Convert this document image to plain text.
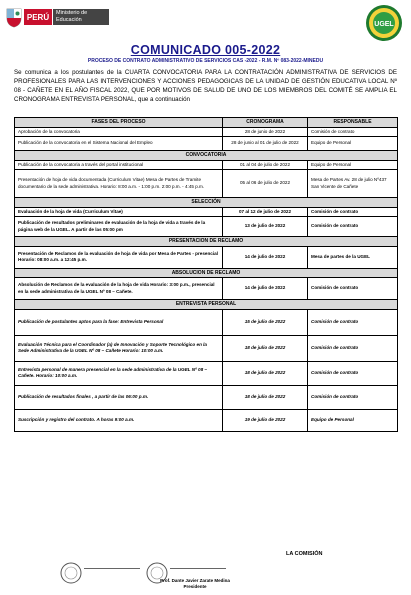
PERÚ	Ministerio de Educación
UGEL
COMUNICADO 005-2022
PROCESO DE CONTRATO ADMINISTRATIVO DE SERVICIOS CAS -2022 - R.M. Nº 083-2022-MINEDU
Se comunica a los postulantes de la CUARTA CONVOCATORIA PARA LA CONTRATACIÓN ADMINISTRATIVA DE SERVICIOS DE PROFESIONALES PARA LAS INTERVENCIONES Y ACCIONES PEDAGOGICAS DE LA UNIDAD DE GESTIÓN EDUCATIVA LOCAL Nº 08 - CAÑETE EN EL AÑO FISCAL 2022, QUE POR MOTIVOS DE SALUD DE UNO DE LOS MIEMBROS DEL COMITÉ SE AMPLIA EL CRONOGRAMA ENTREVISTA PERSONAL, que a continuación
FASES DEL PROCESO	CRONOGRAMA	RESPONSABLE
Aprobación de la convocatoria	28 de junio de 2022	Comisión de contrato
Publicación de la convocatoria en el Sistema Nacional del Empleo	28 de junio al 01 de julio de 2022	Equipo de Personal
CONVOCATORIA		
Publicación de la convocatoria a través del portal institucional	01 al 04 de julio de 2022	Equipo de Personal
Presentación de hoja de vida documentada (Curriculum Vitae) Mesa de Partes de Tramite documentario de la sede administrativa. Horario: 8:00 a.m. - 1:00 p.m. 2:00 p.m. - 4:45 p.m.	05 al 06 de julio de 2022	Mesa de Partes Av. 28 de julio Nº437 San Vicente de Cañete
SELECCIÓN		
Evaluación de la hoja de vida (Curriculum Vitae)	07 al 12 de julio de 2022	Comisión de contrato
Publicación de resultados preliminares de evaluación de la hoja de vida a través de la página web de la UGEL. A partir de las 05:00 pm	13 de julio de 2022	Comisión de contrato
PRESENTACION DE RECLAMO		
Presentación de Reclamos de la evaluación de hoja de vida por Mesa de Partes - presencial Horario: 08:00 a.m. a 12:45 p.m.	14 de julio de 2022	Mesa de partes de la UGEL
ABSOLUCION DE RECLAMO		
Absolución de Reclamos de la evaluación de la hoja de vida Horario: 3:00 p.m., presencial en la sede administrativa de la UGEL Nº 08 – Cañete.	14 de julio de 2022	Comisión de contrato
ENTREVISTA PERSONAL		
Publicación de postulantes aptos para la fase: Entrevista Personal	15 de julio de 2022	Comisión de contrato
Evaluación Técnica para el Coordinador (a) de Innovación y Soporte Tecnológico en la Sede Administrativa de la UGEL Nº 08 – Cañete Horario: 10:00 a.m.	18 de julio de 2022	Comisión de contrato
Entrevista personal de manera presencial en la sede administrativa de la UGEL Nº 08 – Cañete. Horario: 10:00 a.m.	18 de julio de 2022	Comisión de contrato
Publicación de resultados finales , a partir de las 06:00 p.m.	18 de julio de 2022	Comisión de contrato
Suscripción y registro del contrato. A horas 9:00 a.m.	19 de julio de 2022	Equipo de Personal
LA COMISIÓN
Prof. Dante Javier Zarate Medina
Presidente
